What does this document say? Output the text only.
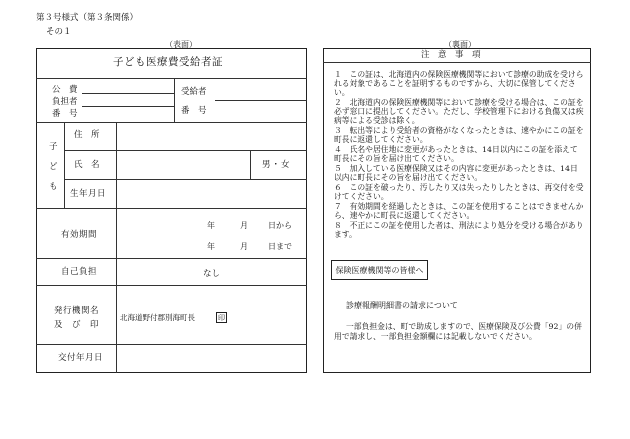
第３号様式（第３条関係）
その１
（表面）	（裏面）
子ども医療費受給者証
公　費
負担者
番　号
受給者
番　号
子
ど
も
住　所
氏　名	男・女
生年月日
有効期間
年	月	日から
年	月	日まで
自己負担	なし
発行機関名
及　び　印
北海道野付郡別海町長	印
交付年月日
注　意　事　項

１　この証は、北海道内の保険医療機関等において診療の助成を受けられる対象であることを証明するものですから、大切に保管してください。

２　北海道内の保険医療機関等において診療を受ける場合は、この証を必ず窓口に提出してください。ただし、学校管理下における負傷又は疾病等による受診は除く。

３　転出等により受給者の資格がなくなったときは、速やかにこの証を町長に返還してください。

４　氏名や居住地に変更があったときは、14日以内にこの証を添えて町長にその旨を届け出てください。

５　加入している医療保険又はその内容に変更があったときは、14日以内に町長にその旨を届け出てください。

６　この証を破ったり、汚したり又は失ったりしたときは、再交付を受けてください。

７　有効期間を経過したときは、この証を使用することはできませんから、速やかに町長に返還してください。

８　不正にこの証を使用した者は、刑法により処分を受ける場合があります。

保険医療機関等の皆様へ
診療報酬明細書の請求について
一部負担金は、町で助成しますので、医療保険及び公費「92」の併用で請求し、一部負担金額欄には記載しないでください。
